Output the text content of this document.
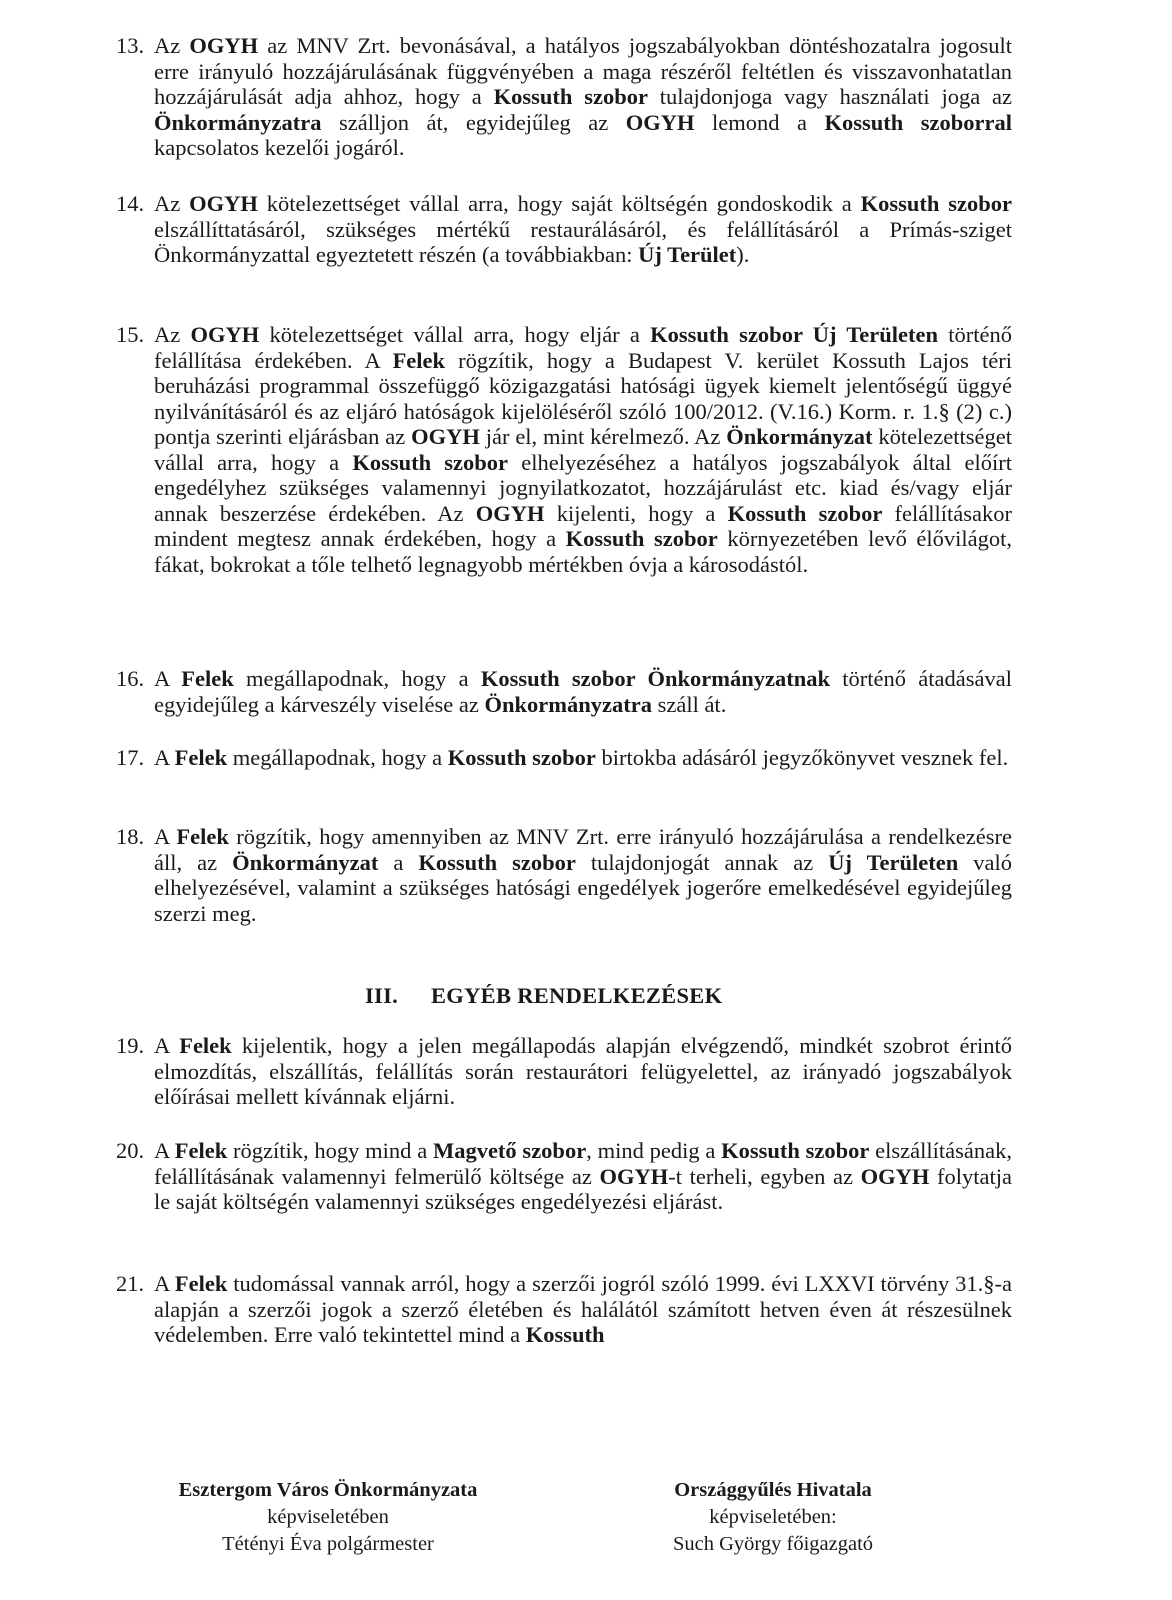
13. Az OGYH az MNV Zrt. bevonásával, a hatályos jogszabályokban döntéshozatalra jogosult erre irányuló hozzájárulásának függvényében a maga részéről feltétlen és visszavonhatatlan hozzájárulását adja ahhoz, hogy a Kossuth szobor tulajdonjoga vagy használati joga az Önkormányzatra szálljon át, egyidejűleg az OGYH lemond a Kossuth szoborral kapcsolatos kezelői jogáról.
14. Az OGYH kötelezettséget vállal arra, hogy saját költségén gondoskodik a Kossuth szobor elszállíttatásáról, szükséges mértékű restaurálásáról, és felállításáról a Prímás-sziget Önkormányzattal egyeztetett részén (a továbbiakban: Új Terület).
15. Az OGYH kötelezettséget vállal arra, hogy eljár a Kossuth szobor Új Területen történő felállítása érdekében. A Felek rögzítik, hogy a Budapest V. kerület Kossuth Lajos téri beruházási programmal összefüggő közigazgatási hatósági ügyek kiemelt jelentőségű üggyé nyilvánításáról és az eljáró hatóságok kijelöléséről szóló 100/2012. (V.16.) Korm. r. 1.§ (2) c.) pontja szerinti eljárásban az OGYH jár el, mint kérelmező. Az Önkormányzat kötelezettséget vállal arra, hogy a Kossuth szobor elhelyezéséhez a hatályos jogszabályok által előírt engedélyhez szükséges valamennyi jognyilatkozatot, hozzájárulást etc. kiad és/vagy eljár annak beszerzése érdekében. Az OGYH kijelenti, hogy a Kossuth szobor felállításakor mindent megtesz annak érdekében, hogy a Kossuth szobor környezetében levő élővilágot, fákat, bokrokat a tőle telhető legnagyobb mértékben óvja a károsodástól.
16. A Felek megállapodnak, hogy a Kossuth szobor Önkormányzatnak történő átadásával egyidejűleg a kárveszély viselése az Önkormányzatra száll át.
17. A Felek megállapodnak, hogy a Kossuth szobor birtokba adásáról jegyzőkönyvet vesznek fel.
18. A Felek rögzítik, hogy amennyiben az MNV Zrt. erre irányuló hozzájárulása a rendelkezésre áll, az Önkormányzat a Kossuth szobor tulajdonjogát annak az Új Területen való elhelyezésével, valamint a szükséges hatósági engedélyek jogerőre emelkedésével egyidejűleg szerzi meg.
III. EGYÉB RENDELKEZÉSEK
19. A Felek kijelentik, hogy a jelen megállapodás alapján elvégzendő, mindkét szobrot érintő elmozdítás, elszállítás, felállítás során restaurátori felügyelettel, az irányadó jogszabályok előírásai mellett kívánnak eljárni.
20. A Felek rögzítik, hogy mind a Magvető szobor, mind pedig a Kossuth szobor elszállításának, felállításának valamennyi felmerülő költsége az OGYH-t terheli, egyben az OGYH folytatja le saját költségén valamennyi szükséges engedélyezési eljárást.
21. A Felek tudomással vannak arról, hogy a szerzői jogról szóló 1999. évi LXXVI törvény 31.§-a alapján a szerzői jogok a szerző életében és halálától számított hetven éven át részesülnek védelemben. Erre való tekintettel mind a Kossuth
Esztergom Város Önkormányzata
képviseletében
Tétényi Éva polgármester
Országgyűlés Hivatala
képviseletében:
Such György főigazgató
